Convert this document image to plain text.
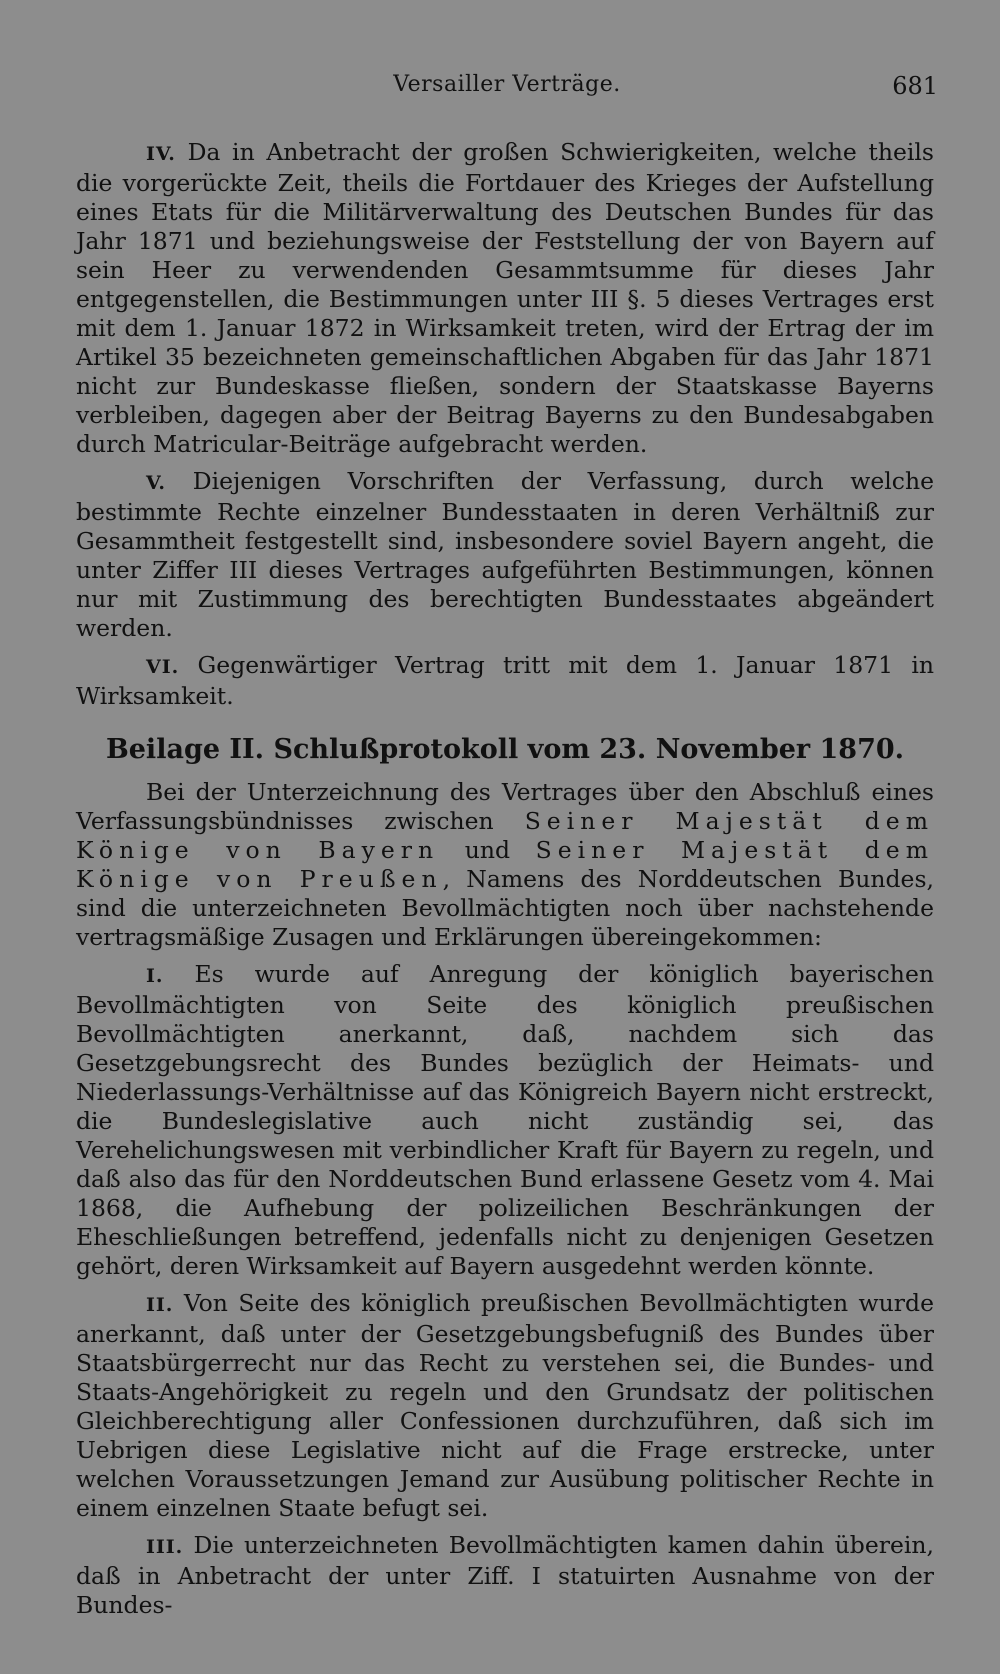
Versailler Verträge.	681

IV. Da in Anbetracht der großen Schwierigkeiten, welche theils die vorgerückte Zeit, theils die Fortdauer des Krieges der Aufstellung eines Etats für die Militärverwaltung des Deutschen Bundes für das Jahr 1871 und beziehungsweise der Feststellung der von Bayern auf sein Heer zu verwendenden Gesammtsumme für dieses Jahr entgegenstellen, die Bestimmungen unter III §. 5 dieses Vertrages erst mit dem 1. Januar 1872 in Wirksamkeit treten, wird der Ertrag der im Artikel 35 bezeichneten gemeinschaftlichen Abgaben für das Jahr 1871 nicht zur Bundeskasse fließen, sondern der Staatskasse Bayerns verbleiben, dagegen aber der Beitrag Bayerns zu den Bundesabgaben durch Matricular-Beiträge aufgebracht werden.

V. Diejenigen Vorschriften der Verfassung, durch welche bestimmte Rechte einzelner Bundesstaaten in deren Verhältniß zur Gesammtheit festgestellt sind, insbesondere soviel Bayern angeht, die unter Ziffer III dieses Vertrages aufgeführten Bestimmungen, können nur mit Zustimmung des berechtigten Bundesstaates abgeändert werden.

VI. Gegenwärtiger Vertrag tritt mit dem 1. Januar 1871 in Wirksamkeit.

Beilage II. Schlußprotokoll vom 23. November 1870.

Bei der Unterzeichnung des Vertrages über den Abschluß eines Verfassungsbündnisses zwischen Seiner Majestät dem Könige von Bayern und Seiner Majestät dem Könige von Preußen, Namens des Norddeutschen Bundes, sind die unterzeichneten Bevollmächtigten noch über nachstehende vertragsmäßige Zusagen und Erklärungen übereingekommen:

I. Es wurde auf Anregung der königlich bayerischen Bevollmächtigten von Seite des königlich preußischen Bevollmächtigten anerkannt, daß, nachdem sich das Gesetzgebungsrecht des Bundes bezüglich der Heimats- und Niederlassungs-Verhältnisse auf das Königreich Bayern nicht erstreckt, die Bundeslegislative auch nicht zuständig sei, das Verehelichungswesen mit verbindlicher Kraft für Bayern zu regeln, und daß also das für den Norddeutschen Bund erlassene Gesetz vom 4. Mai 1868, die Aufhebung der polizeilichen Beschränkungen der Eheschließungen betreffend, jedenfalls nicht zu denjenigen Gesetzen gehört, deren Wirksamkeit auf Bayern ausgedehnt werden könnte.

II. Von Seite des königlich preußischen Bevollmächtigten wurde anerkannt, daß unter der Gesetzgebungsbefugniß des Bundes über Staatsbürgerrecht nur das Recht zu verstehen sei, die Bundes- und Staats-Angehörigkeit zu regeln und den Grundsatz der politischen Gleichberechtigung aller Confessionen durchzuführen, daß sich im Uebrigen diese Legislative nicht auf die Frage erstrecke, unter welchen Voraussetzungen Jemand zur Ausübung politischer Rechte in einem einzelnen Staate befugt sei.

III. Die unterzeichneten Bevollmächtigten kamen dahin überein, daß in Anbetracht der unter Ziff. I statuirten Ausnahme von der Bundes-
